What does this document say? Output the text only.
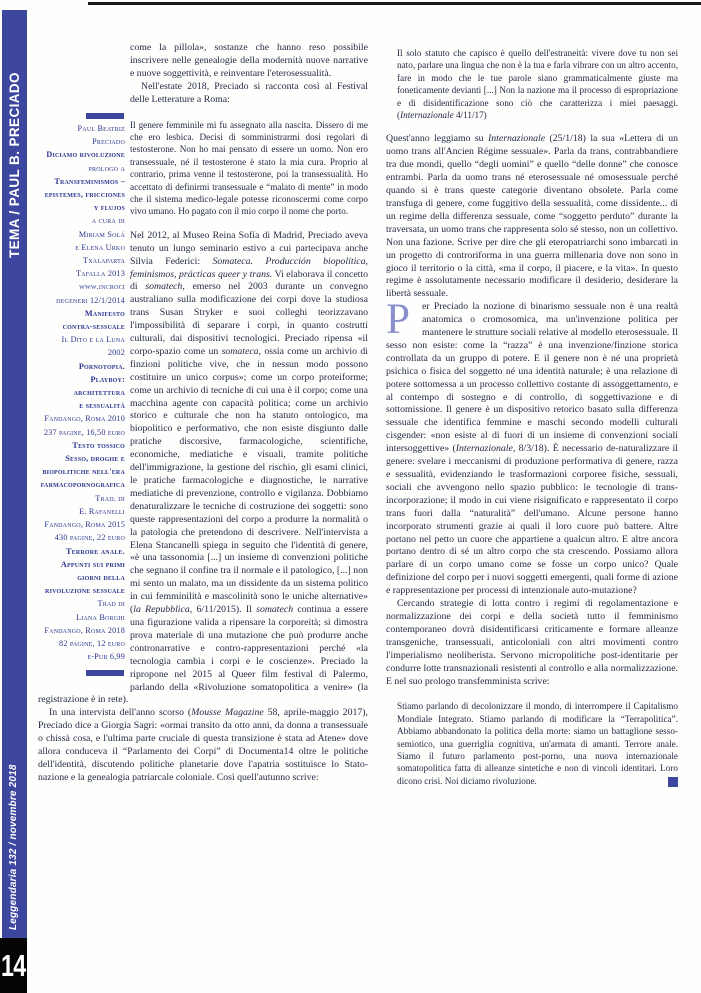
TEMA / PAUL B. PRECIADO
Leggendaria 132 / novembre 2018
14
Paul Beatriz
Preciado
Diciamo rivoluzione
prologo a
Transfeminismos –
epistemes, fricciones
y flujos
a cura di
Miriam Solá
e Elena Urko
Txalaparta
Tafalla 2013
www.incroci
degeneri 12/1/2014
Manifesto
contra-sessuale
Il Dito e la Luna
2002
Pornotopia.
Playboy:
architettura
e sessualità
Fandango, Roma 2010
237 pagine, 16,50 euro
Testo tossico
Sesso, droghe e
biopolitiche nell'era
farmacopornografica
Trad. di
E. Rafanelli
Fandango, Roma 2015
430 pagine, 22 euro
Terrore anale.
Appunti sui primi
giorni della
rivoluzione sessuale
Trad di
Liana Borghi
Fandango, Roma 2018
82 pagine, 12 euro
e-Pub 6,99

come la pillola», sostanze che hanno reso possibile inscrivere nelle genealogie della modernità nuove narrative e nuove soggettività, e reinventare l'eterosessualità.

Nell'estate 2018, Preciado si racconta così al Festival delle Letterature a Roma:

Il genere femminile mi fu assegnato alla nascita. Dissero di me che ero lesbica. Decisi di somministrarmi dosi regolari di testosterone. Non ho mai pensato di essere un uomo. Non ero transessuale, né il testosterone è stato la mia cura. Proprio al contrario, prima venne il testosterone, poi la transessualità. Ho accettato di definirmi transessuale e “malato di mente” in modo che il sistema medico-legale potesse riconoscermi come corpo vivo umano. Ho pagato con il mio corpo il nome che porto.

Nel 2012, al Museo Reina Sofía di Madrid, Preciado aveva tenuto un lungo seminario estivo a cui partecipava anche Silvia Federici: Somateca. Producción biopolítica, feminismos, prácticas queer y trans. Vi elaborava il concetto di somatech, emerso nel 2003 durante un convegno australiano sulla modificazione dei corpi dove la studiosa trans Susan Stryker e suoi colleghi teorizzavano l'impossibilità di separare i corpi, in quanto costrutti culturali, dai dispositivi tecnologici. Preciado ripensa «il corpo-spazio come un somateca, ossia come un archivio di finzioni politiche vive, che in nessun modo possono costituire un unico corpus»; come un corpo proteiforme; come un archivio di tecniche di cui una è il corpo; come una macchina agente con capacità politica; come un archivio storico e culturale che non ha statuto ontologico, ma biopolitico e performativo, che non esiste disgiunto dalle pratiche discorsive, farmacologiche, scientifiche, economiche, mediatiche e visuali, tramite politiche dell'immigrazione, la gestione del rischio, gli esami clinici, le pratiche farmacologiche e diagnostiche, le narrative mediatiche di prevenzione, controllo e vigilanza. Dobbiamo denaturalizzare le tecniche di costruzione dei soggetti: sono queste rappresentazioni del corpo a produrre la normalità o la patologia che pretendono di descrivere. Nell'intervista a Elena Stancanelli spiega in seguito che l'identità di genere, «è una tassonomia [...] un insieme di convenzioni politiche che segnano il confine tra il normale e il patologico, [...] non mi sento un malato, ma un dissidente da un sistema politico in cui femminilità e mascolinità sono le uniche alternative» (la Repubblica, 6/11/2015). Il somatech continua a essere una figurazione valida a ripensare la corporeità; si dimostra prova materiale di una mutazione che può produrre anche contronarrative e contro-rappresentazioni perché «la tecnologia cambia i corpi e le coscienze». Preciado la ripropone nel 2015 al Queer film festival di Palermo, parlando della «Rivoluzione somatopolitica a venire» (la registrazione è in rete).

In una intervista dell'anno scorso (Mousse Magazine 58, aprile-maggio 2017), Preciado dice a Giorgia Sagri: «ormai transito da otto anni, da donna a transessuale o chissà cosa, e l'ultima parte cruciale di questa transizione è stata ad Atene» dove allora conduceva il “Parlamento dei Corpi” di Documenta14 oltre le politiche dell'identità, discutendo politiche planetarie dove l'apatria sostituisce lo Stato-nazione e la genealogia patriarcale coloniale. Così quell'autunno scrive:

Il solo statuto che capisco è quello dell'estraneità: vivere dove tu non sei nato, parlare una lingua che non è la tua e farla vibrare con un altro accento, fare in modo che le tue parole siano grammaticalmente giuste ma foneticamente devianti [...] Non la nazione ma il processo di espropriazione e di disidentificazione sono ciò che caratterizza i miei paesaggi. (Internazionale 4/11/17)

Quest'anno leggiamo su Internazionale (25/1/18) la sua «Lettera di un uomo trans all'Ancien Régime sessuale». Parla da trans, contrabbandiere tra due mondi, quello “degli uomini” e quello “delle donne” che conosce entrambi. Parla da uomo trans né eterosessuale né omosessuale perché quando si è trans queste categorie diventano obsolete. Parla come transfuga di genere, come fuggitivo della sessualità, come dissidente... di un regime della differenza sessuale, come “soggetto perduto” durante la traversata, un uomo trans che rappresenta solo sé stesso, non un collettivo. Non una fazione. Scrive per dire che gli eteropatriarchi sono imbarcati in un progetto di controriforma in una guerra millenaria dove non sono in gioco il territorio o la città, «ma il corpo, il piacere, e la vita». In questo regime è assolutamente necessario modificare il desiderio, desiderare la libertà sessuale.

P	er Preciado la nozione di binarismo sessuale non è una realtà anatomica o cromosomica, ma un'invenzione politica per mantenere le strutture sociali relative al modello eterosessuale. Il sesso non esiste: come la “razza” è una invenzione/finzione storica controllata da un gruppo di potere. E il genere non è né una proprietà psichica o fisica del soggetto né una identità naturale; è una relazione di potere sottomessa a un processo collettivo costante di assoggettamento, e al contempo di sostegno e di controllo, di soggettivazione e di sottomissione. Il genere è un dispositivo retorico basato sulla differenza sessuale che identifica femmine e maschi secondo modelli culturali cisgender: «non esiste al di fuori di un insieme di convenzioni sociali intersoggettive» (Internazionale, 8/3/18). È necessario de-naturalizzare il genere: svelare i meccanismi di produzione performativa di genere, razza e sessualità, evidenziando le trasformazioni corporee fisiche, sessuali, sociali che avvengono nello spazio pubblico: le tecnologie di trans-incorporazione; il modo in cui viene risignificato e rappresentato il corpo trans fuori dalla “naturalità” dell'umano. Alcune persone hanno incorporato strumenti grazie ai quali il loro cuore può battere. Altre portano nel petto un cuore che appartiene a qualcun altro. E altre ancora portano dentro di sé un altro corpo che sta crescendo. Possiamo allora parlare di un corpo umano come se fosse un corpo unico? Quale definizione del corpo per i nuovi soggetti emergenti, quali forme di azione e rappresentazione per processi di intenzionale auto-mutazione?

Cercando strategie di lotta contro i regimi di regolamentazione e normalizzazione dei corpi e della società tutto il femminismo contemporaneo dovrà disidentificarsi criticamente e formare alleanze transgeniche, transessuali, anticoloniali con altri movimenti contro l'imperialismo neoliberista. Servono micropolitiche post-identitarie per condurre lotte transnazionali resistenti al controllo e alla normalizzazione. E nel suo prologo transfemminista scrive:

Stiamo parlando di decolonizzare il mondo, di interrompere il Capitalismo Mondiale Integrato. Stiamo parlando di modificare la “Terrapolitica”. Abbiamo abbandonato la politica della morte: siamo un battaglione sesso-semiotico, una guerriglia cognitiva, un'armata di amanti. Terrore anale. Siamo il futuro parlamento post-porno, una nuova internazionale somatopolitica fatta di alleanze sintetiche e non di vincoli identitari. Loro dicono crisi. Noi diciamo rivoluzione.
